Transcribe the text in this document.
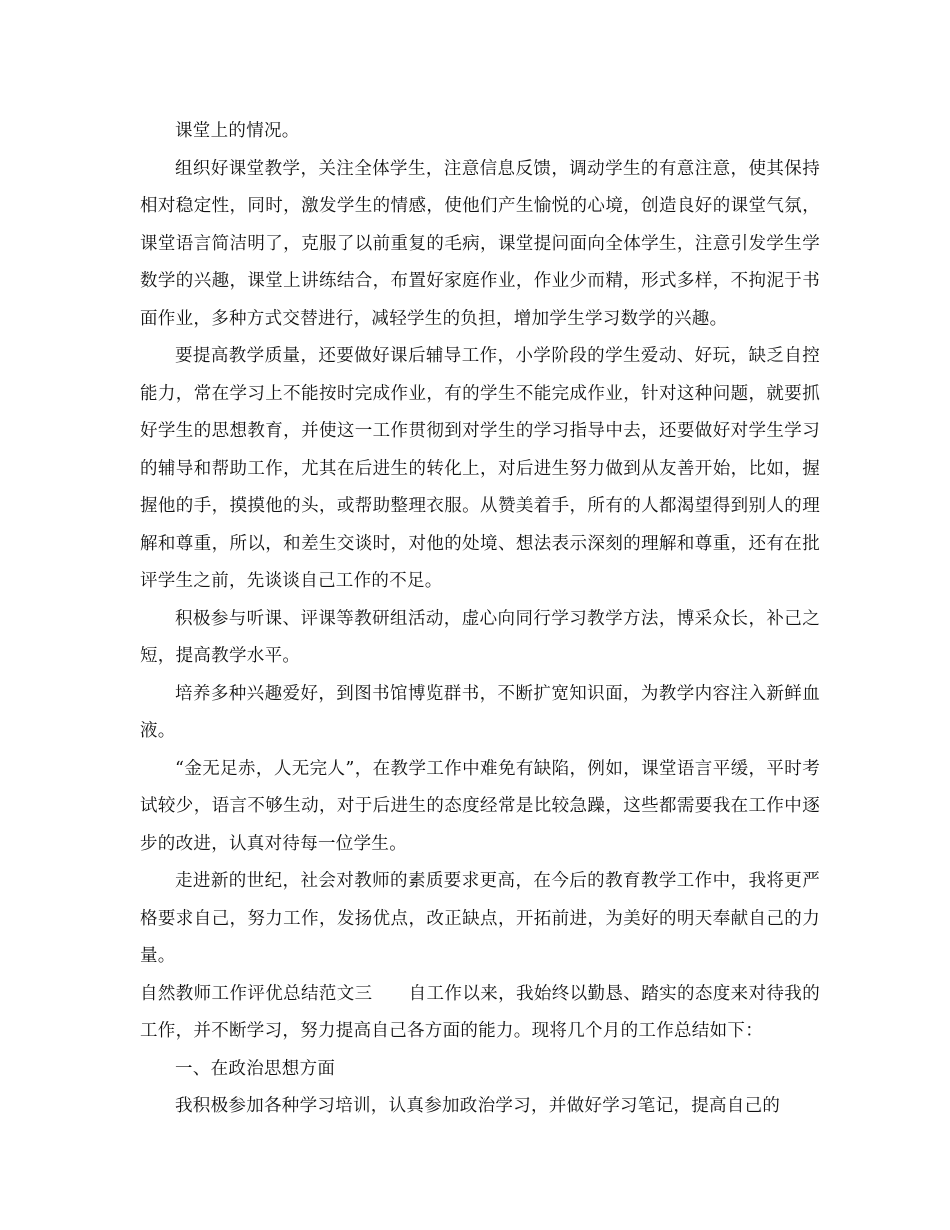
课堂上的情况。

组织好课堂教学，关注全体学生，注意信息反馈，调动学生的有意注意，使其保持相对稳定性，同时，激发学生的情感，使他们产生愉悦的心境，创造良好的课堂气氛，课堂语言简洁明了，克服了以前重复的毛病，课堂提问面向全体学生，注意引发学生学数学的兴趣，课堂上讲练结合，布置好家庭作业，作业少而精，形式多样，不拘泥于书面作业，多种方式交替进行，减轻学生的负担，增加学生学习数学的兴趣。

要提高教学质量，还要做好课后辅导工作，小学阶段的学生爱动、好玩，缺乏自控能力，常在学习上不能按时完成作业，有的学生不能完成作业，针对这种问题，就要抓好学生的思想教育，并使这一工作贯彻到对学生的学习指导中去，还要做好对学生学习的辅导和帮助工作，尤其在后进生的转化上，对后进生努力做到从友善开始，比如，握握他的手，摸摸他的头，或帮助整理衣服。从赞美着手，所有的人都渴望得到别人的理解和尊重，所以，和差生交谈时，对他的处境、想法表示深刻的理解和尊重，还有在批评学生之前，先谈谈自己工作的不足。

积极参与听课、评课等教研组活动，虚心向同行学习教学方法，博采众长，补己之短，提高教学水平。

培养多种兴趣爱好，到图书馆博览群书，不断扩宽知识面，为教学内容注入新鲜血液。

“金无足赤，人无完人”，在教学工作中难免有缺陷，例如，课堂语言平缓，平时考试较少，语言不够生动，对于后进生的态度经常是比较急躁，这些都需要我在工作中逐步的改进，认真对待每一位学生。

走进新的世纪，社会对教师的素质要求更高，在今后的教育教学工作中，我将更严格要求自己，努力工作，发扬优点，改正缺点，开拓前进，为美好的明天奉献自己的力量。

自然教师工作评优总结范文三 自工作以来，我始终以勤恳、踏实的态度来对待我的工作，并不断学习，努力提高自己各方面的能力。现将几个月的工作总结如下：

一、在政治思想方面

我积极参加各种学习培训，认真参加政治学习，并做好学习笔记，提高自己的
